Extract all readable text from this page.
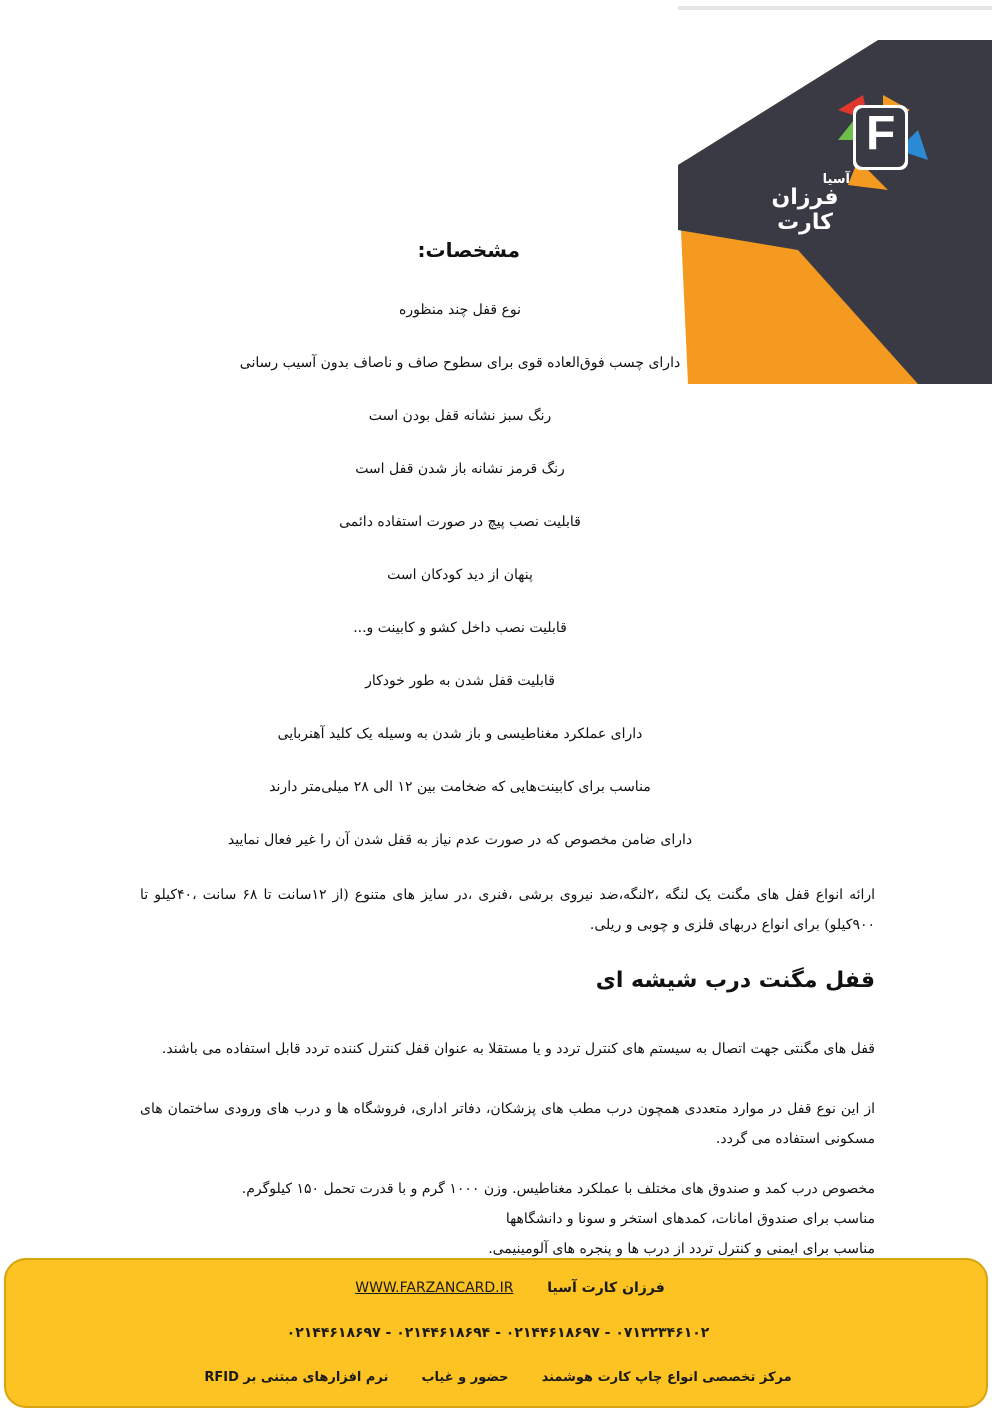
F
آسیا
فرزان کارت
مشخصات:
نوع قفل چند منظوره
دارای چسب فوق‌العاده قوی برای سطوح صاف و ناصاف بدون آسیب رسانی
رنگ سبز نشانه قفل بودن است
رنگ قرمز نشانه باز شدن قفل است
قابلیت نصب پیچ در صورت استفاده دائمی
پنهان از دید کودکان است
قابلیت نصب داخل کشو و کابینت و...
قابلیت قفل شدن به طور خودکار
دارای عملکرد مغناطیسی و باز شدن به وسیله یک کلید آهنربایی
مناسب برای کابینت‌هایی که ضخامت بین ۱۲ الی ۲۸ میلی‌متر دارند
دارای ضامن مخصوص که در صورت عدم نیاز به قفل شدن آن را غیر فعال نمایید
ارائه انواع قفل های مگنت یک لنگه ،۲لنگه،ضد نیروی برشی ،فنری ،در سایز های متنوع (از ۱۲سانت تا ۶۸ سانت ،۴۰کیلو تا ۹۰۰کیلو) برای انواع دربهای فلزی و چوبی و ریلی.
قفل مگنت درب شیشه ای
قفل های مگنتی جهت اتصال به سیستم های کنترل تردد و یا مستقلا به عنوان قفل کنترل کننده تردد قابل استفاده می باشند.
از این نوع قفل در موارد متعددی همچون درب مطب های پزشکان، دفاتر اداری، فروشگاه ها و درب های ورودی ساختمان های مسکونی استفاده می گردد.
مخصوص درب کمد و صندوق های مختلف با عملکرد مغناطیس. وزن ۱۰۰۰ گرم و با قدرت تحمل ۱۵۰ کیلوگرم.
مناسب برای صندوق امانات، کمدهای استخر و سونا و دانشگاهها
مناسب برای ایمنی و کنترل تردد از درب ها و پنجره های آلومینیمی.
فرزان کارت آسیا  WWW.FARZANCARD.IR
۰۷۱۳۲۳۴۶۱۰۲ - ۰۲۱۴۴۶۱۸۶۹۷ - ۰۲۱۴۴۶۱۸۶۹۴ - ۰۲۱۴۴۶۱۸۶۹۷
مرکز تخصصی انواع چاپ کارت هوشمند  حضور و غیاب  نرم افزارهای مبتنی بر RFID
